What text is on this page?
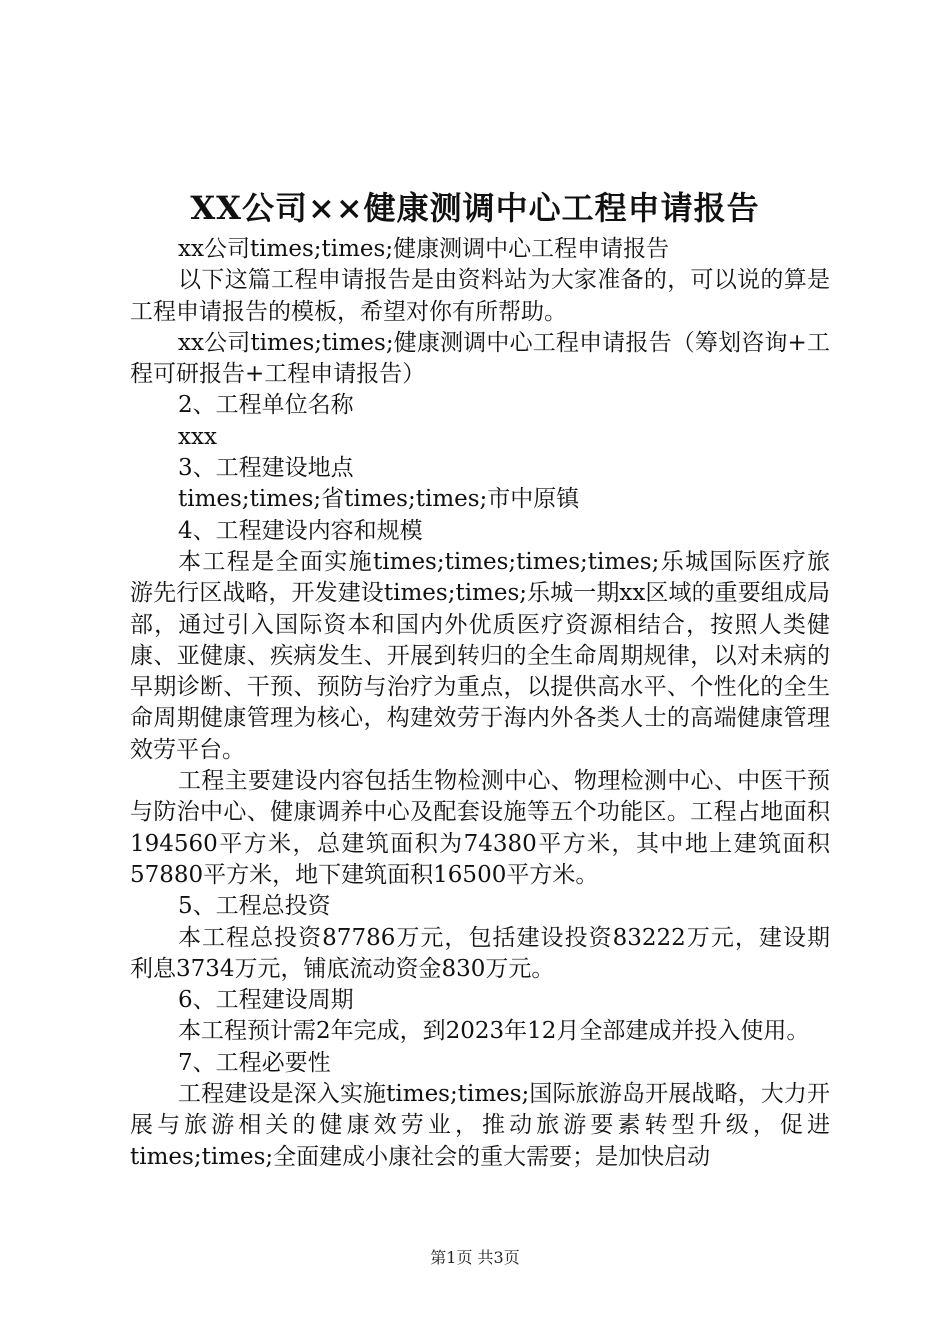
XX公司××健康测调中心工程申请报告

xx公司times;times;健康测调中心工程申请报告

以下这篇工程申请报告是由资料站为大家准备的，可以说的算是工程申请报告的模板，希望对你有所帮助。

xx公司times;times;健康测调中心工程申请报告（筹划咨询+工程可研报告+工程申请报告）

2、工程单位名称

xxx

3、工程建设地点

times;times;省times;times;市中原镇

4、工程建设内容和规模

本工程是全面实施times;times;times;times;乐城国际医疗旅游先行区战略，开发建设times;times;乐城一期xx区域的重要组成局部，通过引入国际资本和国内外优质医疗资源相结合，按照人类健康、亚健康、疾病发生、开展到转归的全生命周期规律，以对未病的早期诊断、干预、预防与治疗为重点，以提供高水平、个性化的全生命周期健康管理为核心，构建效劳于海内外各类人士的高端健康管理效劳平台。

工程主要建设内容包括生物检测中心、物理检测中心、中医干预与防治中心、健康调养中心及配套设施等五个功能区。工程占地面积194560平方米，总建筑面积为74380平方米，其中地上建筑面积57880平方米，地下建筑面积16500平方米。

5、工程总投资

本工程总投资87786万元，包括建设投资83222万元，建设期利息3734万元，铺底流动资金830万元。

6、工程建设周期

本工程预计需2年完成，到2023年12月全部建成并投入使用。

7、工程必要性

工程建设是深入实施times;times;国际旅游岛开展战略，大力开展与旅游相关的健康效劳业，推动旅游要素转型升级，促进times;times;全面建成小康社会的重大需要；是加快启动

第1页 共3页
